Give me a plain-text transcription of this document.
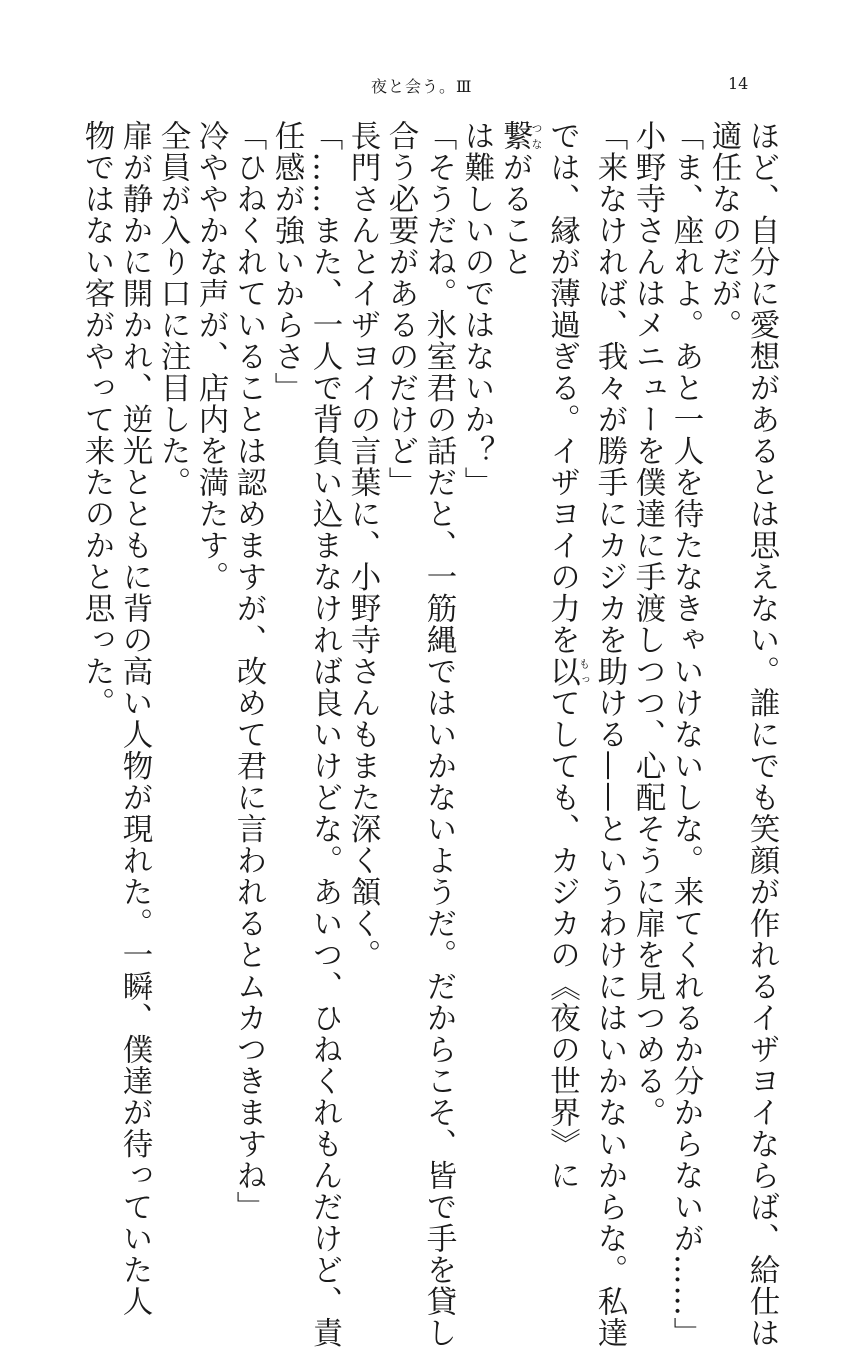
夜と会う。Ⅲ	14
ほど、自分に愛想があるとは思えない。誰にでも笑顔が作れるイザヨイならば、給仕は
適任なのだが。
「ま、座れよ。あと一人を待たなきゃいけないしな。来てくれるか分からないが……」
小野寺さんはメニューを僕達に手渡しつつ、心配そうに扉を見つめる。
「来なければ、我々が勝手にカジカを助ける——というわけにはいかないからな。私達
では、縁が薄過ぎる。イザヨイの力を以もってしても、カジカの《夜の世界》に
繋つながること
は難しいのではないか？」
「そうだね。氷室君の話だと、一筋縄ではいかないようだ。だからこそ、皆で手を貸し
合う必要があるのだけど」
長門さんとイザヨイの言葉に、小野寺さんもまた深く頷く。
「……また、一人で背負い込まなければ良いけどな。あいつ、ひねくれもんだけど、責
任感が強いからさ」
「ひねくれていることは認めますが、改めて君に言われるとムカつきますね」
冷ややかな声が、店内を満たす。
全員が入り口に注目した。
扉が静かに開かれ、逆光とともに背の高い人物が現れた。一瞬、僕達が待っていた人
物ではない客がやって来たのかと思った。
